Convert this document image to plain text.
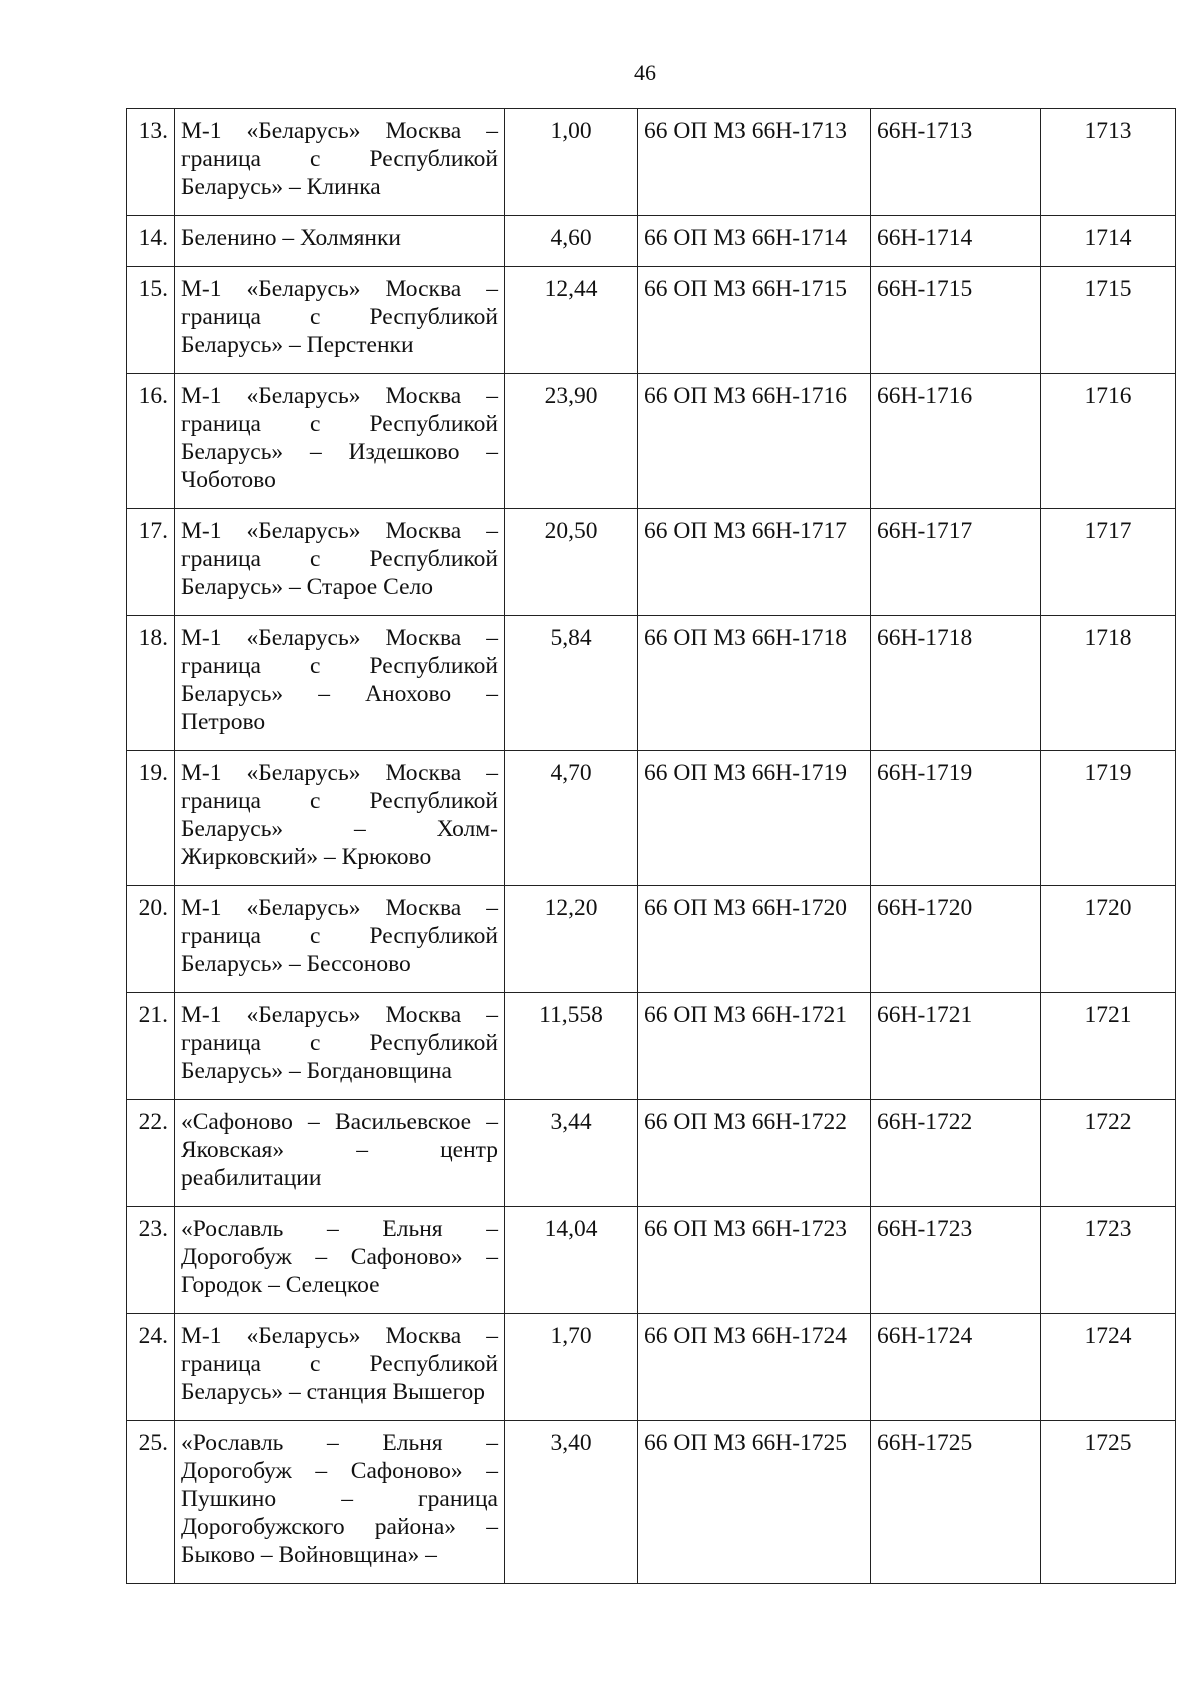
46
13.	М-1 «Беларусь» Москва – граница с Республикой Беларусь» – Клинка	1,00	66 ОП МЗ 66Н-1713	66Н-1713	1713
14.	Беленино – Холмянки	4,60	66 ОП МЗ 66Н-1714	66Н-1714	1714
15.	М-1 «Беларусь» Москва – граница с Республикой Беларусь» – Перстенки	12,44	66 ОП МЗ 66Н-1715	66Н-1715	1715
16.	М-1 «Беларусь» Москва – граница с Республикой Беларусь» – Издешково – Чоботово	23,90	66 ОП МЗ 66Н-1716	66Н-1716	1716
17.	М-1 «Беларусь» Москва – граница с Республикой Беларусь» – Старое Село	20,50	66 ОП МЗ 66Н-1717	66Н-1717	1717
18.	М-1 «Беларусь» Москва – граница с Республикой Беларусь» – Анохово – Петрово	5,84	66 ОП МЗ 66Н-1718	66Н-1718	1718
19.	М-1 «Беларусь» Москва – граница с Республикой Беларусь» – Холм-Жирковский» – Крюково	4,70	66 ОП МЗ 66Н-1719	66Н-1719	1719
20.	М-1 «Беларусь» Москва – граница с Республикой Беларусь» – Бессоново	12,20	66 ОП МЗ 66Н-1720	66Н-1720	1720
21.	М-1 «Беларусь» Москва – граница с Республикой Беларусь» – Богдановщина	11,558	66 ОП МЗ 66Н-1721	66Н-1721	1721
22.	«Сафоново – Васильевское – Яковская» – центр реабилитации	3,44	66 ОП МЗ 66Н-1722	66Н-1722	1722
23.	«Рославль – Ельня – Дорогобуж – Сафоново» – Городок – Селецкое	14,04	66 ОП МЗ 66Н-1723	66Н-1723	1723
24.	М-1 «Беларусь» Москва – граница с Республикой Беларусь» – станция Вышегор	1,70	66 ОП МЗ 66Н-1724	66Н-1724	1724
25.	«Рославль – Ельня – Дорогобуж – Сафоново» – Пушкино – граница Дорогобужского района» – Быково – Войновщина» –	3,40	66 ОП МЗ 66Н-1725	66Н-1725	1725
